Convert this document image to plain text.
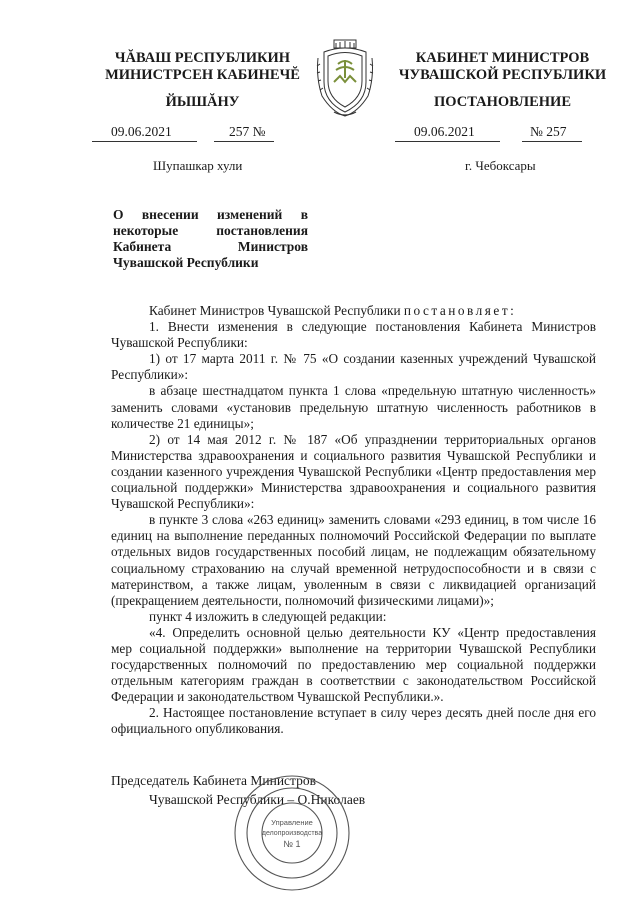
ЧĂВАШ РЕСПУБЛИКИН
МИНИСТРСЕН КАБИНЕЧĔ
ЙЫШĂНУ
КАБИНЕТ МИНИСТРОВ
ЧУВАШСКОЙ РЕСПУБЛИКИ
ПОСТАНОВЛЕНИЕ
09.06.2021	257 №	09.06.2021	№ 257
Шупашкар хули	г. Чебоксары
О внесении изменений в некоторые постановления Кабинета Министров Чувашской Республики

Кабинет Министров Чувашской Республики постановляет:

1. Внести изменения в следующие постановления Кабинета Министров Чувашской Республики:

1) от 17 марта 2011 г. № 75 «О создании казенных учреждений Чувашской Республики»:

в абзаце шестнадцатом пункта 1 слова «предельную штатную численность» заменить словами «установив предельную штатную численность работников в количестве 21 единицы»;

2) от 14 мая 2012 г. № 187 «Об упразднении территориальных органов Министерства здравоохранения и социального развития Чувашской Республики и создании казенного учреждения Чувашской Республики «Центр предоставления мер социальной поддержки» Министерства здравоохранения и социального развития Чувашской Республики»:

в пункте 3 слова «263 единиц» заменить словами «293 единиц, в том числе 16 единиц на выполнение переданных полномочий Российской Федерации по выплате отдельных видов государственных пособий лицам, не подлежащим обязательному социальному страхованию на случай временной нетрудоспособности и в связи с материнством, а также лицам, уволенным в связи с ликвидацией организаций (прекращением деятельности, полномочий физическими лицами)»;

пункт 4 изложить в следующей редакции:

«4. Определить основной целью деятельности КУ «Центр предоставления мер социальной поддержки» выполнение на территории Чувашской Республики государственных полномочий по предоставлению мер социальной поддержки отдельным категориям граждан в соответствии с законодательством Российской Федерации и законодательством Чувашской Республики.».

2. Настоящее постановление вступает в силу через десять дней после дня его официального опубликования.

Председатель Кабинета Министров
Чувашской Республики – О.Николаев
Управление
делопроизводства
№ 1
